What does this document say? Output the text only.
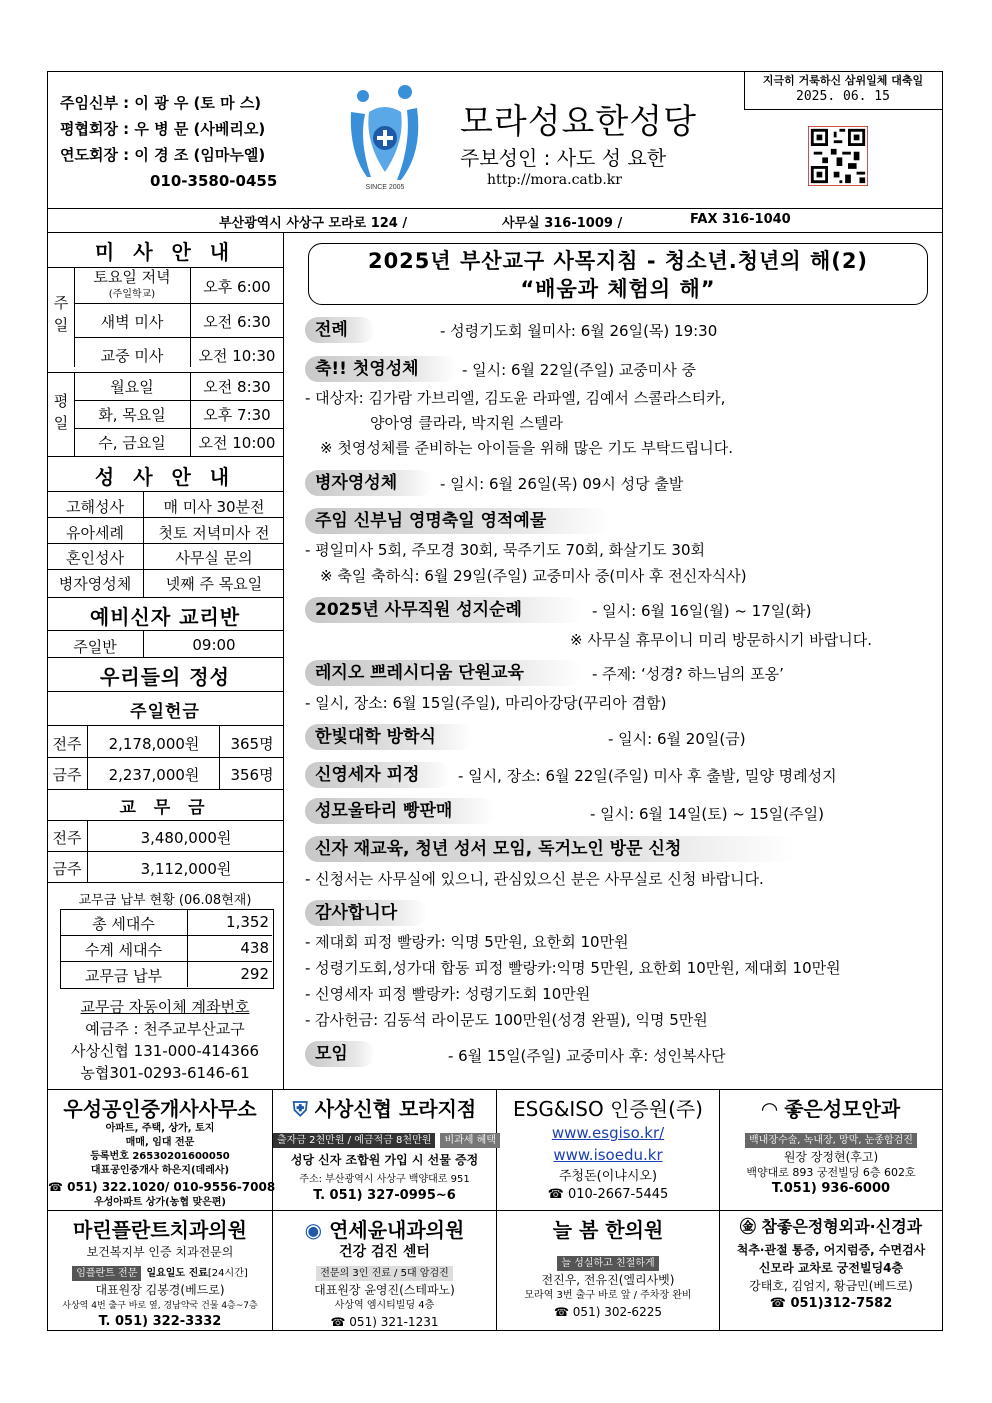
주임신부 : 이 광 우 (토 마 스)
평협회장 : 우 병 문 (사베리오)
연도회장 : 이 경 조 (임마누엘)
010-3580-0455	SINCE 2005
모라성요한성당
주보성인 : 사도 성 요한
http://mora.catb.kr
지극히 거룩하신 삼위일체 대축일
2025. 06. 15
부산광역시 사상구 모라로 124 /	사무실 316-1009 /	FAX 316-1040
미 사 안 내
주일
토요일 저녁
(주일학교)	오후 6:00
새벽 미사	오전 6:30
교중 미사	오전 10:30
평일
월요일	오전 8:30
화, 목요일	오후 7:30
수, 금요일	오전 10:00
성 사 안 내
고해성사	매 미사 30분전
유아세례	첫토 저녁미사 전
혼인성사	사무실 문의
병자영성체	넷째 주 목요일
예비신자 교리반
주일반	09:00
우리들의 정성
주일헌금
전주	2,178,000원	365명
금주	2,237,000원	356명
교 무 금
전주	3,480,000원
금주	3,112,000원
교무금 납부 현황 (06.08현재)
총 세대수	1,352
수계 세대수	438
교무금 납부	292
교무금 자동이체 계좌번호
예금주 : 천주교부산교구
사상신협 131-000-414366
농협301-0293-6146-61
2025년 부산교구 사목지침 - 청소년.청년의 해(2)
“배움과 체험의 해”
전례	- 성령기도회 월미사: 6월 26일(목) 19:30
축!! 첫영성체	- 일시: 6월 22일(주일) 교중미사 중
- 대상자: 김가람 가브리엘, 김도윤 라파엘, 김예서 스콜라스티카,
양아영 클라라, 박지원 스텔라
※ 첫영성체를 준비하는 아이들을 위해 많은 기도 부탁드립니다.
병자영성체	- 일시: 6월 26일(목) 09시 성당 출발
주임 신부님 영명축일 영적예물
- 평일미사 5회, 주모경 30회, 묵주기도 70회, 화살기도 30회
※ 축일 축하식: 6월 29일(주일) 교중미사 중(미사 후 전신자식사)
2025년 사무직원 성지순례	- 일시: 6월 16일(월) ~ 17일(화)
※ 사무실 휴무이니 미리 방문하시기 바랍니다.
레지오 쁘레시디움 단원교육	- 주제: ‘성경? 하느님의 포옹’
- 일시, 장소: 6월 15일(주일), 마리아강당(꾸리아 겸함)
한빛대학 방학식	- 일시: 6월 20일(금)
신영세자 피정	- 일시, 장소: 6월 22일(주일) 미사 후 출발, 밀양 명례성지
성모울타리 빵판매	- 일시: 6월 14일(토) ~ 15일(주일)
신자 재교육, 청년 성서 모임, 독거노인 방문 신청
- 신청서는 사무실에 있으니, 관심있으신 분은 사무실로 신청 바랍니다.
감사합니다
- 제대회 피정 빨랑카: 익명 5만원, 요한회 10만원
- 성령기도회,성가대 합동 피정 빨랑카:익명 5만원, 요한회 10만원, 제대회 10만원
- 신영세자 피정 빨랑카: 성령기도회 10만원
- 감사헌금: 김동석 라이문도 100만원(성경 완필), 익명 5만원
모임	- 6월 15일(주일) 교중미사 후: 성인복사단
우성공인중개사사무소
아파트, 주택, 상가, 토지
매매, 임대 전문
등록번호 26530201600050
대표공인중개사 하은지(데레사)
☎ 051) 322.1020/ 010-9556-7008
우성아파트 상가(농협 맞은편)
⛨ 사상신협 모라지점
출자금 2천만원 / 예금적금 8천만원 비과세 혜택
성당 신자 조합원 가입 시 선물 증정
주소: 부산광역시 사상구 백양대로 951
T. 051) 327-0995~6
ESG&ISO 인증원(주)
www.esgiso.kr/
www.isoedu.kr
주청돈(이냐시오)
☎ 010-2667-5445
◠ 좋은성모안과
백내장수술, 녹내장, 망막, 눈종합검진
원장 장정현(후고)
백양대로 893 궁전빌딩 6층 602호
T.051) 936-6000
마린플란트치과의원
보건복지부 인증 치과전문의
임플란트 전문 일요일도 진료[24시간]
대표원장 김봉경(베드로)
사상역 4번 출구 바로 옆, 경남약국 건물 4층~7층
T. 051) 322-3332
◉ 연세윤내과의원
건강 검진 센터
전문의 3인 진료 / 5대 암검진
대표원장 윤영진(스테파노)
사상역 엠시티빌딩 4층
☎ 051) 321-1231
늘 봄 한의원
늘 성실하고 친절하게
전진우, 전유진(엘리사벳)
모라역 3번 출구 바로 앞 / 주차장 완비
☎ 051) 302-6225
㊎ 참좋은정형외과·신경과
척추·관절 통증, 어지럼증, 수면검사
신모라 교차로 궁전빌딩4층
강태호, 김엄지, 황금민(베드로)
☎ 051)312-7582
